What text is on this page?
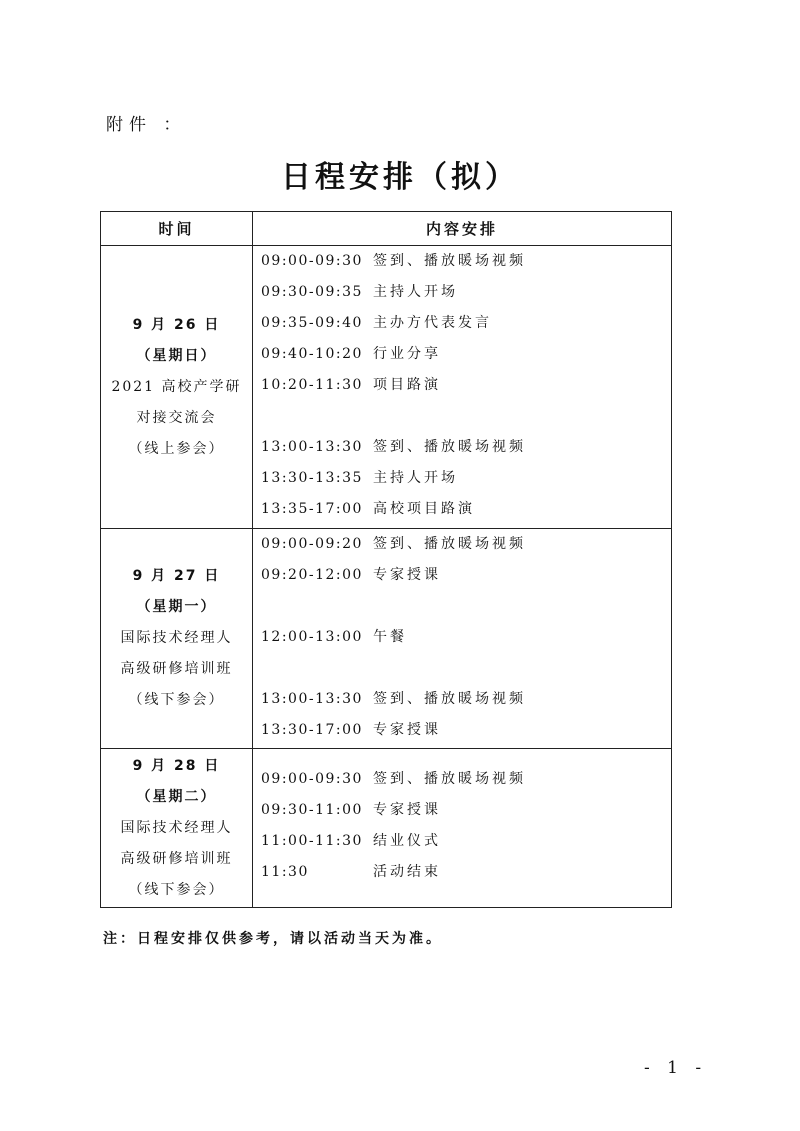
附件 ：
日程安排（拟）
时间	内容安排
9 月 26 日
（星期日）
2021 高校产学研
对接交流会
（线上参会）
09:00-09:30 签到、播放暖场视频
09:30-09:35 主持人开场
09:35-09:40 主办方代表发言
09:40-10:20 行业分享
10:20-11:30 项目路演
13:00-13:30 签到、播放暖场视频
13:30-13:35 主持人开场
13:35-17:00 高校项目路演
9 月 27 日
（星期一）
国际技术经理人
高级研修培训班
（线下参会）
09:00-09:20 签到、播放暖场视频
09:20-12:00 专家授课
12:00-13:00 午餐
13:00-13:30 签到、播放暖场视频
13:30-17:00 专家授课
9 月 28 日
（星期二）
国际技术经理人
高级研修培训班
（线下参会）
09:00-09:30 签到、播放暖场视频
09:30-11:00 专家授课
11:00-11:30 结业仪式
11:30	活动结束
注：日程安排仅供参考，请以活动当天为准。
- 1 -
